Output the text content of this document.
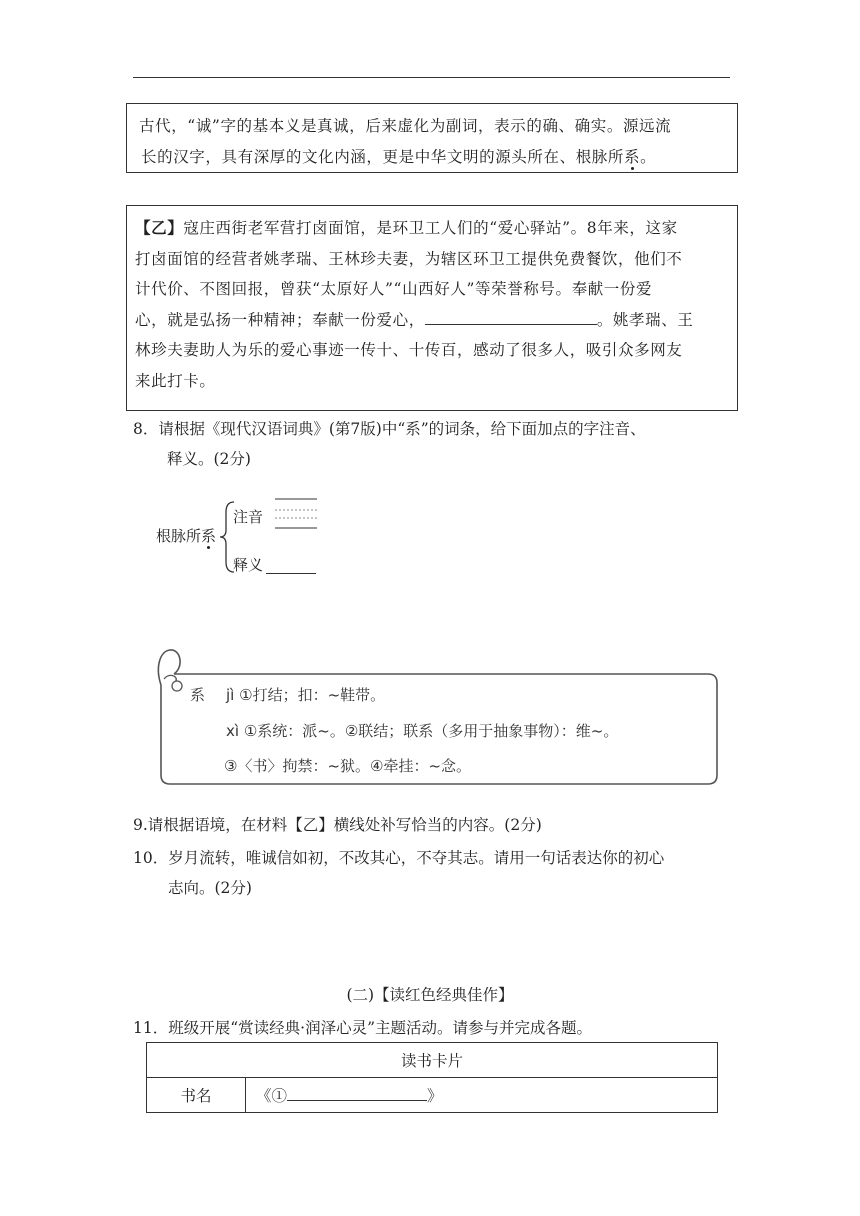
古代，“诚”字的基本义是真诚，后来虚化为副词，表示的确、确实。源远流

长的汉字，具有深厚的文化内涵，更是中华文明的源头所在、根脉所系。

【乙】寇庄西街老军营打卤面馆，是环卫工人们的“爱心驿站”。8年来，这家

打卤面馆的经营者姚孝瑞、王林珍夫妻，为辖区环卫工提供免费餐饮，他们不

计代价、不图回报，曾获“太原好人”“山西好人”等荣誉称号。奉献一份爱

心，就是弘扬一种精神；奉献一份爱心，	。姚孝瑞、王

林珍夫妻助人为乐的爱心事迹一传十、十传百，感动了很多人，吸引众多网友

来此打卡。

8．请根据《现代汉语词典》(第7版)中“系”的词条，给下面加点的字注音、

释义。(2分)

根脉所系
注音
释义
系 jì ①打结；扣：~鞋带。
xì ①系统：派~。②联结；联系（多用于抽象事物）：维~。
③〈书〉拘禁：~狱。④牵挂：~念。
9.请根据语境，在材料【乙】横线处补写恰当的内容。(2分)

10．岁月流转，唯诚信如初，不改其心，不夺其志。请用一句话表达你的初心

志向。(2分)

(二)【读红色经典佳作】
11．班级开展“赏读经典·润泽心灵”主题活动。请参与并完成各题。
读书卡片
书名	《①	》
